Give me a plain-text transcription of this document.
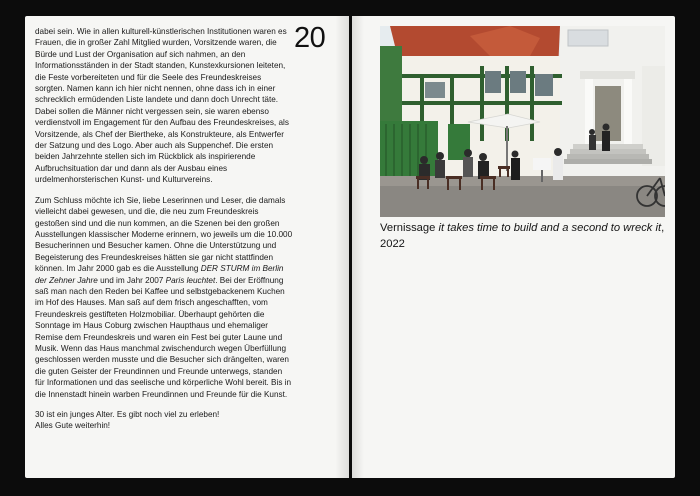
dabei sein. Wie in allen kulturell-künstlerischen Institutionen waren es Frauen, die in großer Zahl Mitglied wurden, Vorsitzende waren, die Bürde und Lust der Organisation auf sich nahmen, an den Informationsständen in der Stadt standen, Kunstexkursionen leiteten, die Feste vorbereiteten und für die Seele des Freundeskreises sorgten. Namen kann ich hier nicht nennen, ohne dass ich in einer schrecklich ermüdenden Liste landete und dann doch Unrecht täte. Dabei sollen die Männer nicht vergessen sein, sie waren ebenso verdienstvoll im Engagement für den Aufbau des Freundeskreises, als Vorsitzende, als Chef der Biertheke, als Konstrukteure, als Entwerfer der Satzung und des Logo. Aber auch als Suppenchef. Die ersten beiden Jahrzehnte stellen sich im Rückblick als inspirierende Aufbruchsituation dar und dann als der Ausbau eines urdelmenhorsterischen Kunst- und Kulturvereins.

Zum Schluss möchte ich Sie, liebe Leserinnen und Leser, die damals vielleicht dabei gewesen, und die, die neu zum Freundeskreis gestoßen sind und die nun kommen, an die Szenen bei den großen Ausstellungen klassischer Moderne erinnern, wo jeweils um die 10.000 Besucherinnen und Besucher kamen. Ohne die Unterstützung und Begeisterung des Freundeskreises hätten sie gar nicht stattfinden können. Im Jahr 2000 gab es die Ausstellung DER STURM im Berlin der Zehner Jahre und im Jahr 2007 Paris leuchtet. Bei der Eröffnung saß man nach den Reden bei Kaffee und selbstgebackenem Kuchen im Hof des Hauses. Man saß auf dem frisch angeschafften, vom Freundeskreis gestifteten Holzmobiliar. Überhaupt gehörten die Sonntage im Haus Coburg zwischen Haupthaus und ehemaliger Remise dem Freundeskreis und waren ein Fest bei guter Laune und Musik. Wenn das Haus manchmal zwischendurch wegen Überfüllung geschlossen werden musste und die Besucher sich drängelten, waren die guten Geister der Freundinnen und Freunde unterwegs, standen für Informationen und das seelische und körperliche Wohl bereit. Bis in die Innenstadt hinein warben Freundinnen und Freunde für die Kunst.

30 ist ein junges Alter. Es gibt noch viel zu erleben!
Alles Gute weiterhin!

20
Vernissage it takes time to build and a second to wreck it, 2022
